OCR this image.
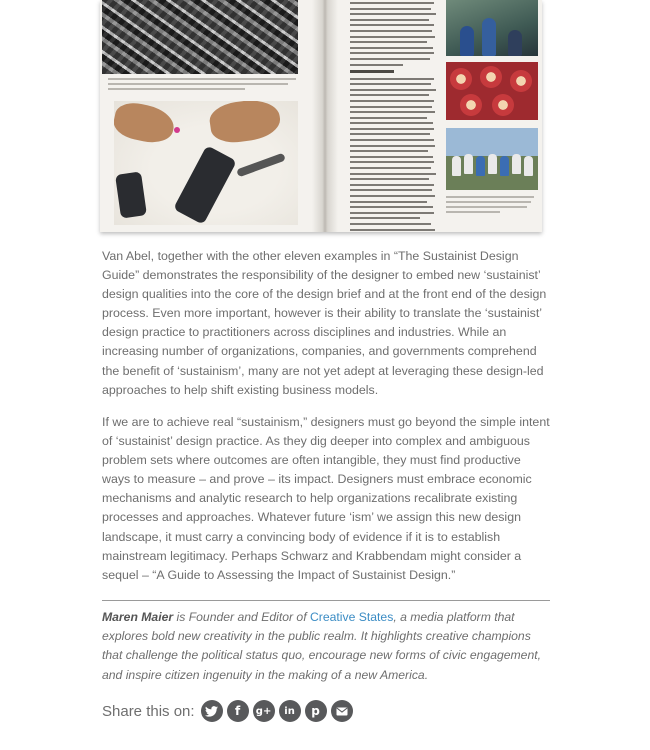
Van Abel, together with the other eleven examples in “The Sustainist Design Guide” demonstrates the responsibility of the designer to embed new ‘sustainist’ design qualities into the core of the design brief and at the front end of the design process. Even more important, however is their ability to translate the ‘sustainist’ design practice to practitioners across disciplines and industries. While an increasing number of organizations, companies, and governments comprehend the benefit of ‘sustainism’, many are not yet adept at leveraging these design-led approaches to help shift existing business models.

If we are to achieve real “sustainism,” designers must go beyond the simple intent of ‘sustainist’ design practice. As they dig deeper into complex and ambiguous problem sets where outcomes are often intangible, they must find productive ways to measure – and prove – its impact. Designers must embrace economic mechanisms and analytic research to help organizations recalibrate existing processes and approaches. Whatever future ‘ism’ we assign this new design landscape, it must carry a convincing body of evidence if it is to establish mainstream legitimacy. Perhaps Schwarz and Krabbendam might consider a sequel – “A Guide to Assessing the Impact of Sustainist Design.”

Maren Maier is Founder and Editor of Creative States, a media platform that explores bold new creativity in the public realm. It highlights creative champions that challenge the political status quo, encourage new forms of civic engagement, and inspire citizen ingenuity in the making of a new America.

Share this on:	f	g+	in	p
